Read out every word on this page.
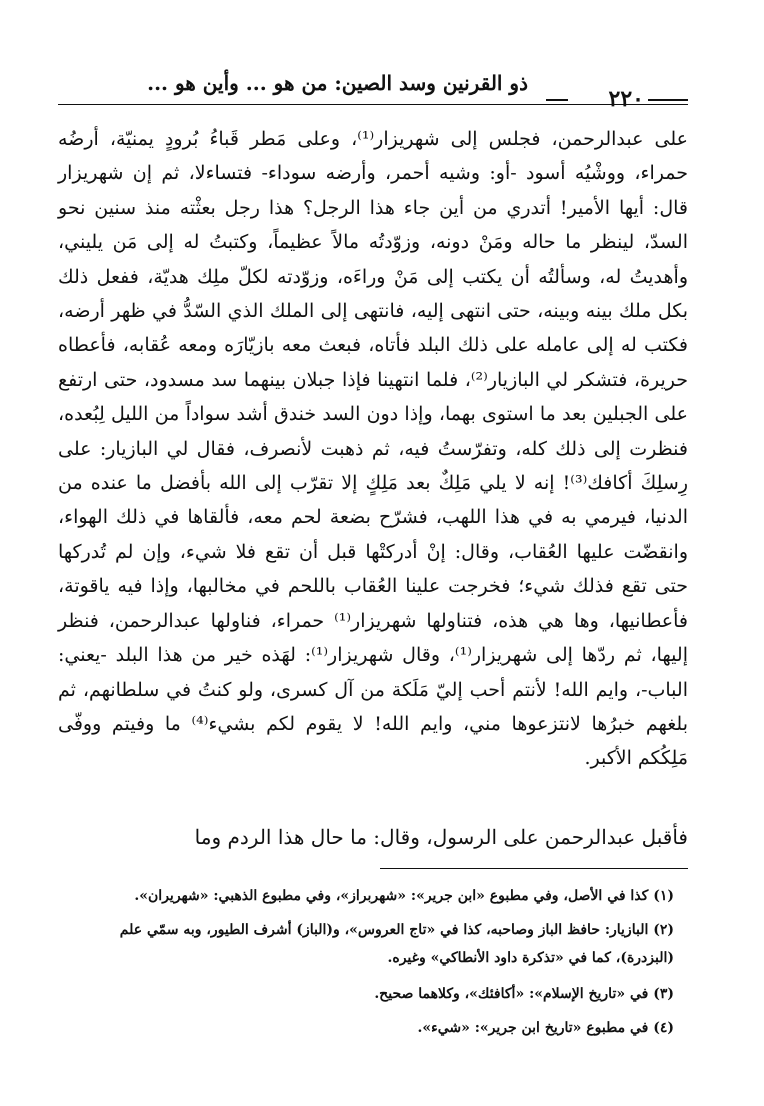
٢٢٠
ذو القرنين وسد الصين: من هو ... وأين هو ...

على عبدالرحمن، فجلس إلى شهريزار⁽¹⁾، وعلى مَطر قَباءُ بُرودٍ يمنيّة، أرضُه حمراء، ووشْيُه أسود -أو: وشيه أحمر، وأرضه سوداء- فتساءلا، ثم إن شهريزار قال: أيها الأمير! أتدري من أين جاء هذا الرجل؟ هذا رجل بعثْته منذ سنين نحو السدّ، لينظر ما حاله ومَنْ دونه، وزوّدتُه مالاً عظيماً، وكتبتُ له إلى مَن يليني، وأهديتُ له، وسألتُه أن يكتب إلى مَنْ وراءَه، وزوّدته لكلّ ملِك هديّة، ففعل ذلك بكل ملك بينه وبينه، حتى انتهى إليه، فانتهى إلى الملك الذي السّدُّ في ظهر أرضه، فكتب له إلى عامله على ذلك البلد فأتاه، فبعث معه بازيّارَه ومعه عُقابه، فأعطاه حريرة، فتشكر لي البازيار⁽²⁾، فلما انتهينا فإذا جبلان بينهما سد مسدود، حتى ارتفع على الجبلين بعد ما استوى بهما، وإذا دون السد خندق أشد سواداً من الليل لِبُعده، فنظرت إلى ذلك كله، وتفرّستُ فيه، ثم ذهبت لأنصرف، فقال لي البازيار: على رِسلِكَ أكافك⁽³⁾! إنه لا يلي مَلِكٌ بعد مَلِكٍ إلا تقرّب إلى الله بأفضل ما عنده من الدنيا، فيرمي به في هذا اللهب، فشرّح بضعة لحم معه، فألقاها في ذلك الهواء، وانقضّت عليها العُقاب، وقال: إنْ أدركتْها قبل أن تقع فلا شيء، وإن لم تُدركها حتى تقع فذلك شيء؛ فخرجت علينا العُقاب باللحم في مخالبها، وإذا فيه ياقوتة، فأعطانيها، وها هي هذه، فتناولها شهريزار⁽¹⁾ حمراء، فناولها عبدالرحمن، فنظر إليها، ثم ردّها إلى شهريزار⁽¹⁾، وقال شهريزار⁽¹⁾: لهَذه خير من هذا البلد -يعني: الباب-، وايم الله! لأنتم أحب إليّ مَلَكة من آل كسرى، ولو كنتُ في سلطانهم، ثم بلغهم خبرُها لانتزعوها مني، وايم الله! لا يقوم لكم بشيء⁽⁴⁾ ما وفيتم ووفّى مَلِكُكم الأكبر.

فأقبل عبدالرحمن على الرسول، وقال: ما حال هذا الردم وما

(١) كذا في الأصل، وفي مطبوع «ابن جرير»: «شهربراز»، وفي مطبوع الذهبي: «شهريران».

(٢) البازيار: حافظ الباز وصاحبه، كذا في «تاج العروس»، و(الباز) أشرف الطيور، وبه سمّي علم (البزدرة)، كما في «تذكرة داود الأنطاكي» وغيره.

(٣) في «تاريخ الإسلام»: «أكافئك»، وكلاهما صحيح.

(٤) في مطبوع «تاريخ ابن جرير»: «شيء».
